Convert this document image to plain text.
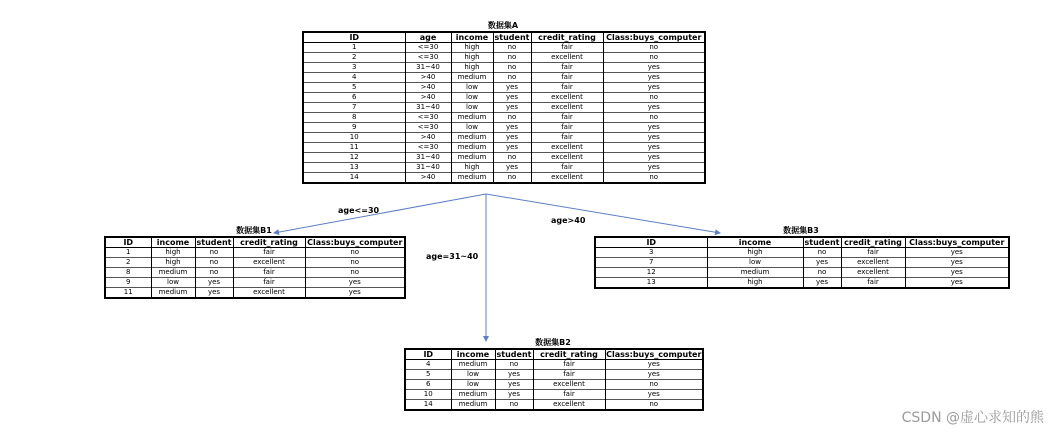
数据集A
ID	age	income	student	credit_rating	Class:buys_computer
1	<=30	high	no	fair	no
2	<=30	high	no	excellent	no
3	31~40	high	no	fair	yes
4	>40	medium	no	fair	yes
5	>40	low	yes	fair	yes
6	>40	low	yes	excellent	no
7	31~40	low	yes	excellent	yes
8	<=30	medium	no	fair	no
9	<=30	low	yes	fair	yes
10	>40	medium	yes	fair	yes
11	<=30	medium	yes	excellent	yes
12	31~40	medium	no	excellent	yes
13	31~40	high	yes	fair	yes
14	>40	medium	no	excellent	no
数据集B1
ID	income	student	credit_rating	Class:buys_computer
1	high	no	fair	no
2	high	no	excellent	no
8	medium	no	fair	no
9	low	yes	fair	yes
11	medium	yes	excellent	yes
数据集B3
ID	income	student	credit_rating	Class:buys_computer
3	high	no	fair	yes
7	low	yes	excellent	yes
12	medium	no	excellent	yes
13	high	yes	fair	yes
数据集B2
ID	income	student	credit_rating	Class:buys_computer
4	medium	no	fair	yes
5	low	yes	fair	yes
6	low	yes	excellent	no
10	medium	yes	fair	yes
14	medium	no	excellent	no
age<=30
age=31~40
age>40
CSDN @虚心求知的熊
